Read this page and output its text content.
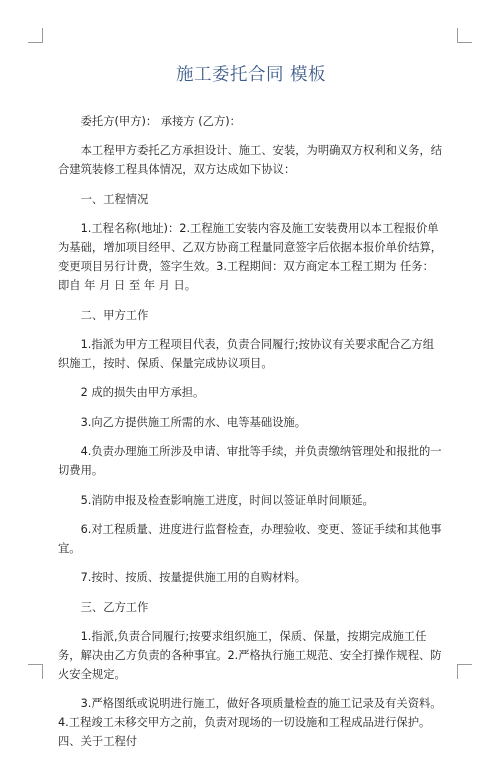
施工委托合同 模板

委托方(甲方)： 承接方 (乙方)：

本工程甲方委托乙方承担设计、施工、安装，为明确双方权利和义务，结合建筑装修工程具体情况，双方达成如下协议：

一、工程情况

1.工程名称(地址)：2.工程施工安装内容及施工安装费用以本工程报价单为基础，增加项目经甲、乙双方协商工程量同意签字后依据本报价单价结算，变更项目另行计费，签字生效。3.工程期间：双方商定本工程工期为 任务：即自 年 月 日 至 年 月 日。

二、甲方工作

1.指派为甲方工程项目代表，负责合同履行;按协议有关要求配合乙方组织施工，按时、保质、保量完成协议项目。

2 成的损失由甲方承担。

3.向乙方提供施工所需的水、电等基础设施。

4.负责办理施工所涉及申请、审批等手续，并负责缴纳管理处和报批的一切费用。

5.消防申报及检查影响施工进度，时间以签证单时间顺延。

6.对工程质量、进度进行监督检查，办理验收、变更、签证手续和其他事宜。

7.按时、按质、按量提供施工用的自购材料。

三、乙方工作

1.指派,负责合同履行;按要求组织施工，保质、保量，按期完成施工任务，解决由乙方负责的各种事宜。2.严格执行施工规范、安全打操作规程、防火安全规定。

3.严格图纸或说明进行施工，做好各项质量检查的施工记录及有关资料。 4.工程竣工未移交甲方之前，负责对现场的一切设施和工程成品进行保护。四、关于工程付
